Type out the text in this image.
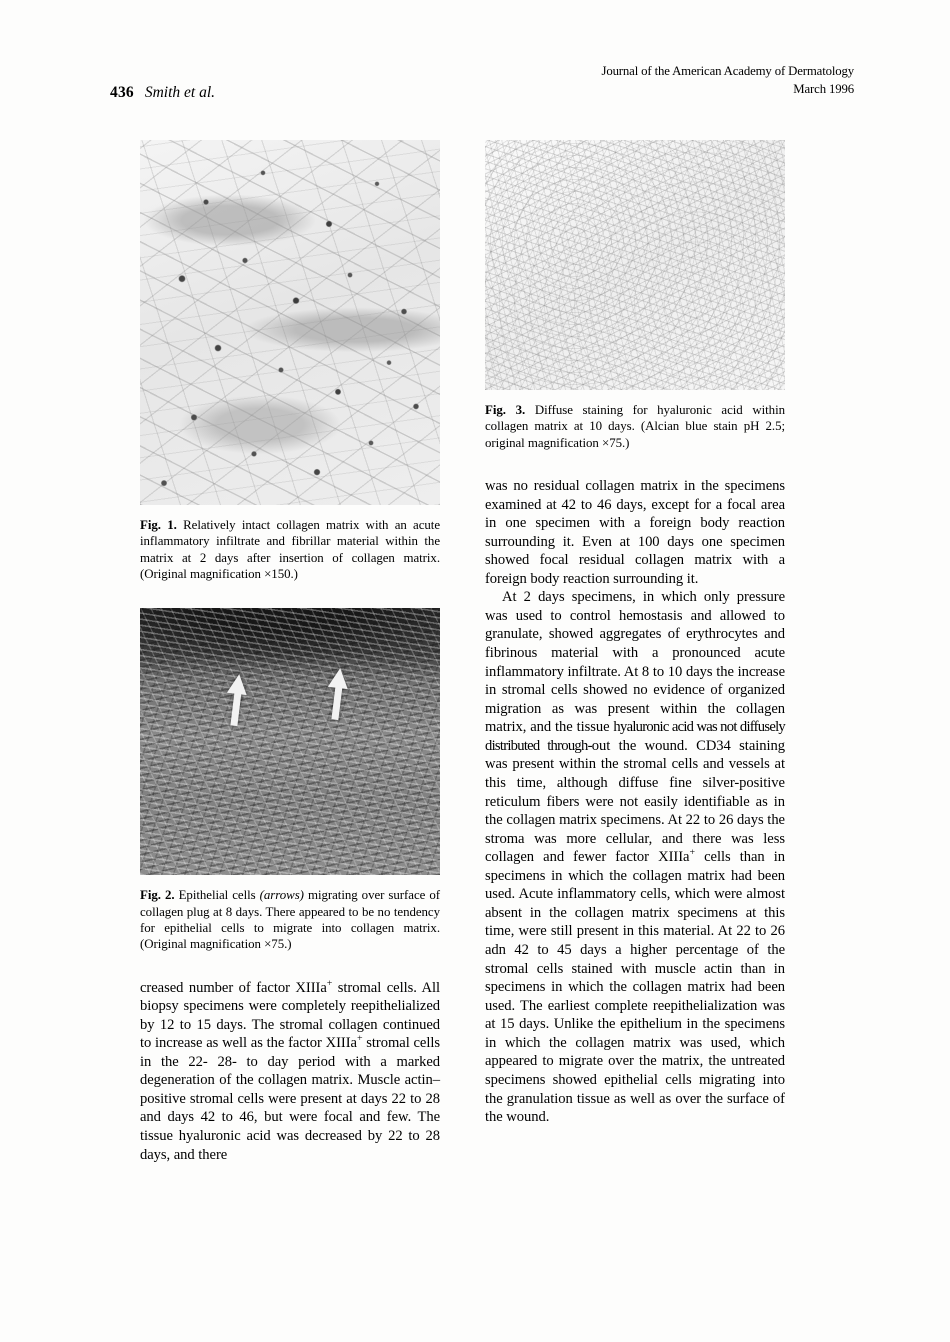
436 Smith et al.
Journal of the American Academy of Dermatology
March 1996
Fig. 1. Relatively intact collagen matrix with an acute inflammatory infiltrate and fibrillar material within the matrix at 2 days after insertion of collagen matrix. (Original magnification ×150.)
Fig. 2. Epithelial cells (arrows) migrating over surface of collagen plug at 8 days. There appeared to be no tendency for epithelial cells to migrate into collagen matrix. (Original magnification ×75.)

creased number of factor XIIIa+ stromal cells. All biopsy specimens were completely reepithelialized by 12 to 15 days. The stromal collagen continued to increase as well as the factor XIIIa+ stromal cells in the 22- 28- to day period with a marked degeneration of the collagen matrix. Muscle actin–positive stromal cells were present at days 22 to 28 and days 42 to 46, but were focal and few. The tissue hyaluronic acid was decreased by 22 to 28 days, and there

Fig. 3. Diffuse staining for hyaluronic acid within collagen matrix at 10 days. (Alcian blue stain pH 2.5; original magnification ×75.)

was no residual collagen matrix in the specimens examined at 42 to 46 days, except for a focal area in one specimen with a foreign body reaction surrounding it. Even at 100 days one specimen showed focal residual collagen matrix with a foreign body reaction surrounding it.

At 2 days specimens, in which only pressure was used to control hemostasis and allowed to granulate, showed aggregates of erythrocytes and fibrinous material with a pronounced acute inflammatory infiltrate. At 8 to 10 days the increase in stromal cells showed no evidence of organized migration as was present within the collagen matrix, and the tissue hyaluronic acid was not diffusely distributed through-out the wound. CD34 staining was present within the stromal cells and vessels at this time, although diffuse fine silver-positive reticulum fibers were not easily identifiable as in the collagen matrix specimens. At 22 to 26 days the stroma was more cellular, and there was less collagen and fewer factor XIIIa+ cells than in specimens in which the collagen matrix had been used. Acute inflammatory cells, which were almost absent in the collagen matrix specimens at this time, were still present in this material. At 22 to 26 adn 42 to 45 days a higher percentage of the stromal cells stained with muscle actin than in specimens in which the collagen matrix had been used. The earliest complete reepithelialization was at 15 days. Unlike the epithelium in the specimens in which the collagen matrix was used, which appeared to migrate over the matrix, the untreated specimens showed epithelial cells migrating into the granulation tissue as well as over the surface of the wound.
